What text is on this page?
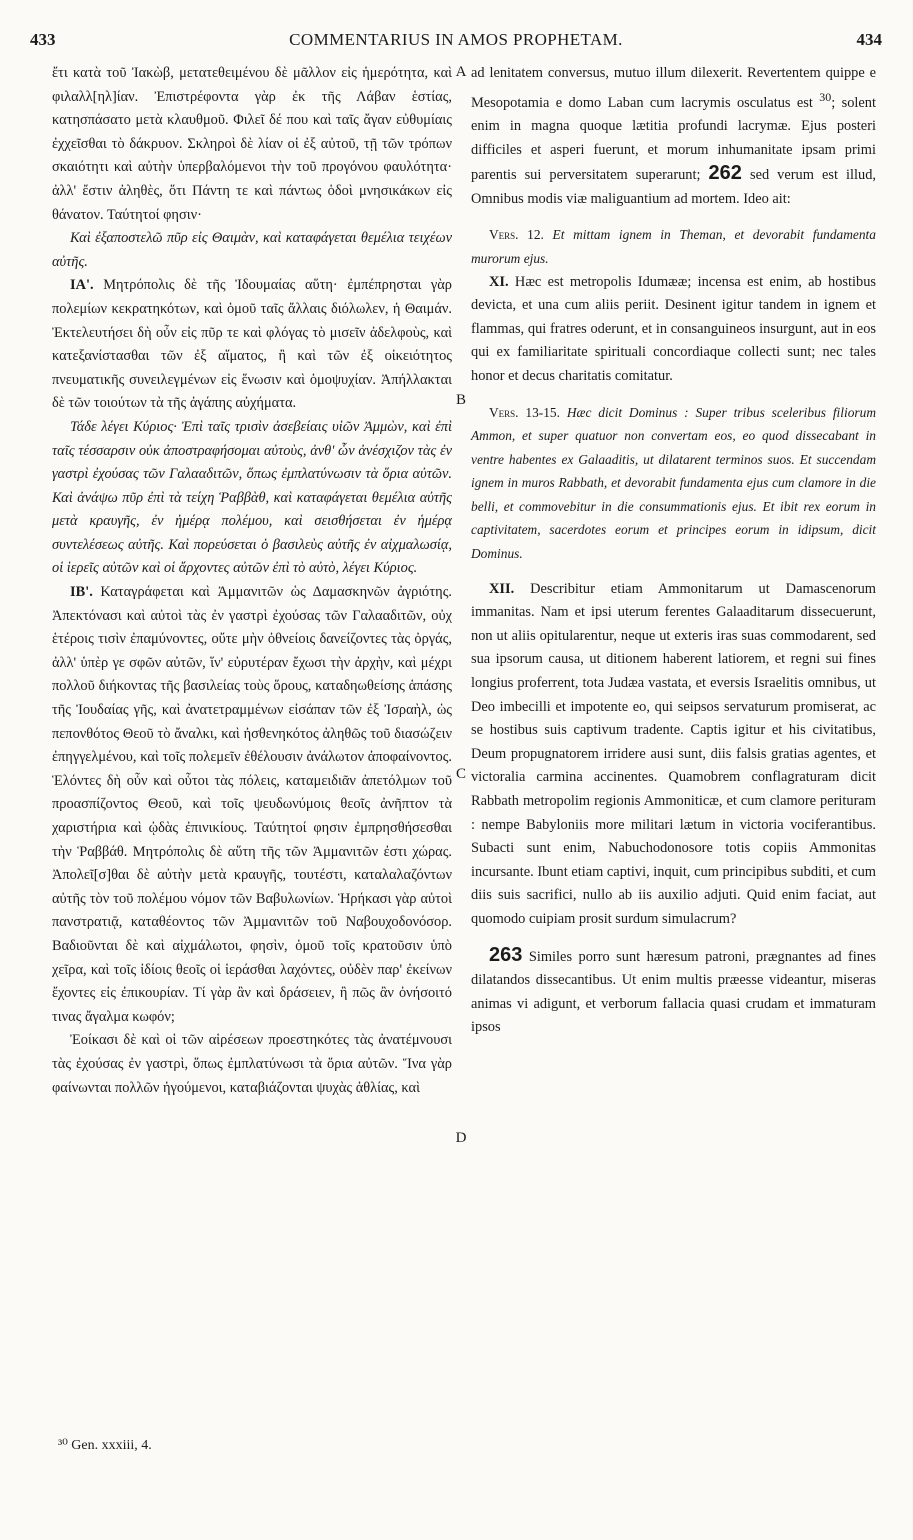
433	COMMENTARIUS IN AMOS PROPHETAM.	434

ἔτι κατὰ τοῦ Ἰακὼβ, μετατεθειμένου δὲ μᾶλλον εἰς ἡμερότητα, καὶ φιλαλλ[ηλ]ίαν. Ἐπιστρέφοντα γὰρ ἐκ τῆς Λάβαν ἑστίας, κατησπάσατο μετὰ κλαυθμοῦ. Φιλεῖ δέ που καὶ ταῖς ἄγαν εὐθυμίαις ἐχχεῖσθαι τὸ δάκρυον. Σκληροὶ δὲ λίαν οἱ ἐξ αὐτοῦ, τῇ τῶν τρόπων σκαιότητι καὶ αὐτὴν ὑπερβαλόμενοι τὴν τοῦ προγόνου φαυλότητα· ἀλλ' ἔστιν ἀληθὲς, ὅτι Πάντη τε καὶ πάντως ὁδοὶ μνησικάκων εἰς θάνατον. Ταύτητοί φησιν·

Καὶ ἐξαποστελῶ πῦρ εἰς Θαιμὰν, καὶ καταφάγεται θεμέλια τειχέων αὐτῆς.

ΙΑ'. Μητρόπολις δὲ τῆς Ἰδουμαίας αὕτη· ἐμπέπρησται γὰρ πολεμίων κεκρατηκότων, καὶ ὁμοῦ ταῖς ἄλλαις διόλωλεν, ἡ Θαιμάν. Ἐκτελευτήσει δὴ οὖν εἰς πῦρ τε καὶ φλόγας τὸ μισεῖν ἀδελφοὺς, καὶ κατεξανίστασθαι τῶν ἐξ αἵματος, ἢ καὶ τῶν ἐξ οἰκειότητος πνευματικῆς συνειλεγμένων εἰς ἕνωσιν καὶ ὁμοψυχίαν. Ἀπήλλακται δὲ τῶν τοιούτων τὰ τῆς ἀγάπης αὐχήματα.

Τάδε λέγει Κύριος· Ἐπὶ ταῖς τρισὶν ἀσεβείαις υἱῶν Ἀμμὼν, καὶ ἐπὶ ταῖς τέσσαρσιν οὐκ ἀποστραφήσομαι αὐτοὺς, ἀνθ' ὧν ἀνέσχιζον τὰς ἐν γαστρὶ ἐχούσας τῶν Γαλααδιτῶν, ὅπως ἐμπλατύνωσιν τὰ ὅρια αὐτῶν. Καὶ ἀνάψω πῦρ ἐπὶ τὰ τείχη Ῥαββὰθ, καὶ καταφάγεται θεμέλια αὐτῆς μετὰ κραυγῆς, ἐν ἡμέρᾳ πολέμου, καὶ σεισθήσεται ἐν ἡμέρᾳ συντελέσεως αὐτῆς. Καὶ πορεύσεται ὁ βασιλεὺς αὐτῆς ἐν αἰχμαλωσίᾳ, οἱ ἱερεῖς αὐτῶν καὶ οἱ ἄρχοντες αὐτῶν ἐπὶ τὸ αὐτὸ, λέγει Κύριος.

ΙΒ'. Καταγράφεται καὶ Ἀμμανιτῶν ὡς Δαμασκηνῶν ἀγριότης. Ἀπεκτόνασι καὶ αὐτοὶ τὰς ἐν γαστρὶ ἐχούσας τῶν Γαλααδιτῶν, οὐχ ἑτέροις τισὶν ἐπαμύνοντες, οὔτε μὴν ὀθνείοις δανείζοντες τὰς ὀργάς, ἀλλ' ὑπὲρ γε σφῶν αὐτῶν, ἵν' εὐρυτέραν ἔχωσι τὴν ἀρχὴν, καὶ μέχρι πολλοῦ διήκοντας τῆς βασιλείας τοὺς ὅρους, καταδηωθείσης ἁπάσης τῆς Ἰουδαίας γῆς, καὶ ἀνατετραμμένων εἰσάπαν τῶν ἐξ Ἰσραὴλ, ὡς πεπονθότος Θεοῦ τὸ ἄναλκι, καὶ ἠσθενηκότος ἀληθῶς τοῦ διασώζειν ἐπηγγελμένου, καὶ τοῖς πολεμεῖν ἐθέλουσιν ἀνάλωτον ἀποφαίνοντος. Ἑλόντες δὴ οὖν καὶ οὗτοι τὰς πόλεις, καταμειδιᾶν ἀπετόλμων τοῦ προασπίζοντος Θεοῦ, καὶ τοῖς ψευδωνύμοις θεοῖς ἀνῆπτον τὰ χαριστήρια καὶ ᾠδὰς ἐπινικίους. Ταύτητοί φησιν ἐμπρησθήσεσθαι τὴν Ῥαββάθ. Μητρόπολις δὲ αὕτη τῆς τῶν Ἀμμανιτῶν ἐστι χώρας. Ἀπολεῖ[σ]θαι δὲ αὐτὴν μετὰ κραυγῆς, τουτέστι, καταλαλαζόντων αὐτῆς τὸν τοῦ πολέμου νόμον τῶν Βαβυλωνίων. Ἡρήκασι γὰρ αὐτοὶ πανστρατιᾷ, καταθέοντος τῶν Ἀμμανιτῶν τοῦ Ναβουχοδονόσορ. Βαδιοῦνται δὲ καὶ αἰχμάλωτοι, φησὶν, ὁμοῦ τοῖς κρατοῦσιν ὑπὸ χεῖρα, καὶ τοῖς ἰδίοις θεοῖς οἱ ἱεράσθαι λαχόντες, οὐδὲν παρ' ἐκείνων ἔχοντες εἰς ἐπικουρίαν. Τί γὰρ ἂν καὶ δράσειεν, ἢ πῶς ἂν ὀνήσοιτό τινας ἄγαλμα κωφόν;

Ἐοίκασι δὲ καὶ οἱ τῶν αἱρέσεων προεστηκότες τὰς ἀνατέμνουσι τὰς ἐχούσας ἐν γαστρὶ, ὅπως ἐμπλατύνωσι τὰ ὅρια αὐτῶν. Ἵνα γὰρ φαίνωνται πολλῶν ἡγούμενοι, καταβιάζονται ψυχὰς ἀθλίας, καὶ

A
B
C
D

ad lenitatem conversus, mutuo illum dilexerit. Revertentem quippe e Mesopotamia e domo Laban cum lacrymis osculatus est $^{30}$; solent enim in magna quoque lætitia profundi lacrymæ. Ejus posteri difficiles et asperi fuerunt, et morum inhumanitate ipsam primi parentis sui perversitatem superarunt; 262 sed verum est illud, Omnibus modis viæ maliguantium ad mortem. Ideo ait:

Vers. 12. Et mittam ignem in Theman, et devorabit fundamenta murorum ejus.

XI. Hæc est metropolis Idumææ; incensa est enim, ab hostibus devicta, et una cum aliis periit. Desinent igitur tandem in ignem et flammas, qui fratres oderunt, et in consanguineos insurgunt, aut in eos qui ex familiaritate spirituali concordiaque collecti sunt; nec tales honor et decus charitatis comitatur.

Vers. 13-15. Hæc dicit Dominus : Super tribus sceleribus filiorum Ammon, et super quatuor non convertam eos, eo quod dissecabant in ventre habentes ex Galaaditis, ut dilatarent terminos suos. Et succendam ignem in muros Rabbath, et devorabit fundamenta ejus cum clamore in die belli, et commovebitur in die consummationis ejus. Et ibit rex eorum in captivitatem, sacerdotes eorum et principes eorum in idipsum, dicit Dominus.

XII. Describitur etiam Ammonitarum ut Damascenorum immanitas. Nam et ipsi uterum ferentes Galaaditarum dissecuerunt, non ut aliis opitularentur, neque ut exteris iras suas commodarent, sed sua ipsorum causa, ut ditionem haberent latiorem, et regni sui fines longius proferrent, tota Judæa vastata, et eversis Israelitis omnibus, ut Deo imbecilli et impotente eo, qui seipsos servaturum promiserat, ac se hostibus suis captivum tradente. Captis igitur et his civitatibus, Deum propugnatorem irridere ausi sunt, diis falsis gratias agentes, et victoralia carmina accinentes. Quamobrem conflagraturam dicit Rabbath metropolim regionis Ammoniticæ, et cum clamore perituram : nempe Babyloniis more militari lætum in victoria vociferantibus. Subacti sunt enim, Nabuchodonosore totis copiis Ammonitas incursante. Ibunt etiam captivi, inquit, cum principibus subditi, et cum diis suis sacrifici, nullo ab iis auxilio adjuti. Quid enim faciat, aut quomodo cuipiam prosit surdum simulacrum?

263 Similes porro sunt hæresum patroni, prægnantes ad fines dilatandos dissecantibus. Ut enim multis præesse videantur, miseras animas vi adigunt, et verborum fallacia quasi crudam et immaturam ipsos

³⁰ Gen. xxxiii, 4.
